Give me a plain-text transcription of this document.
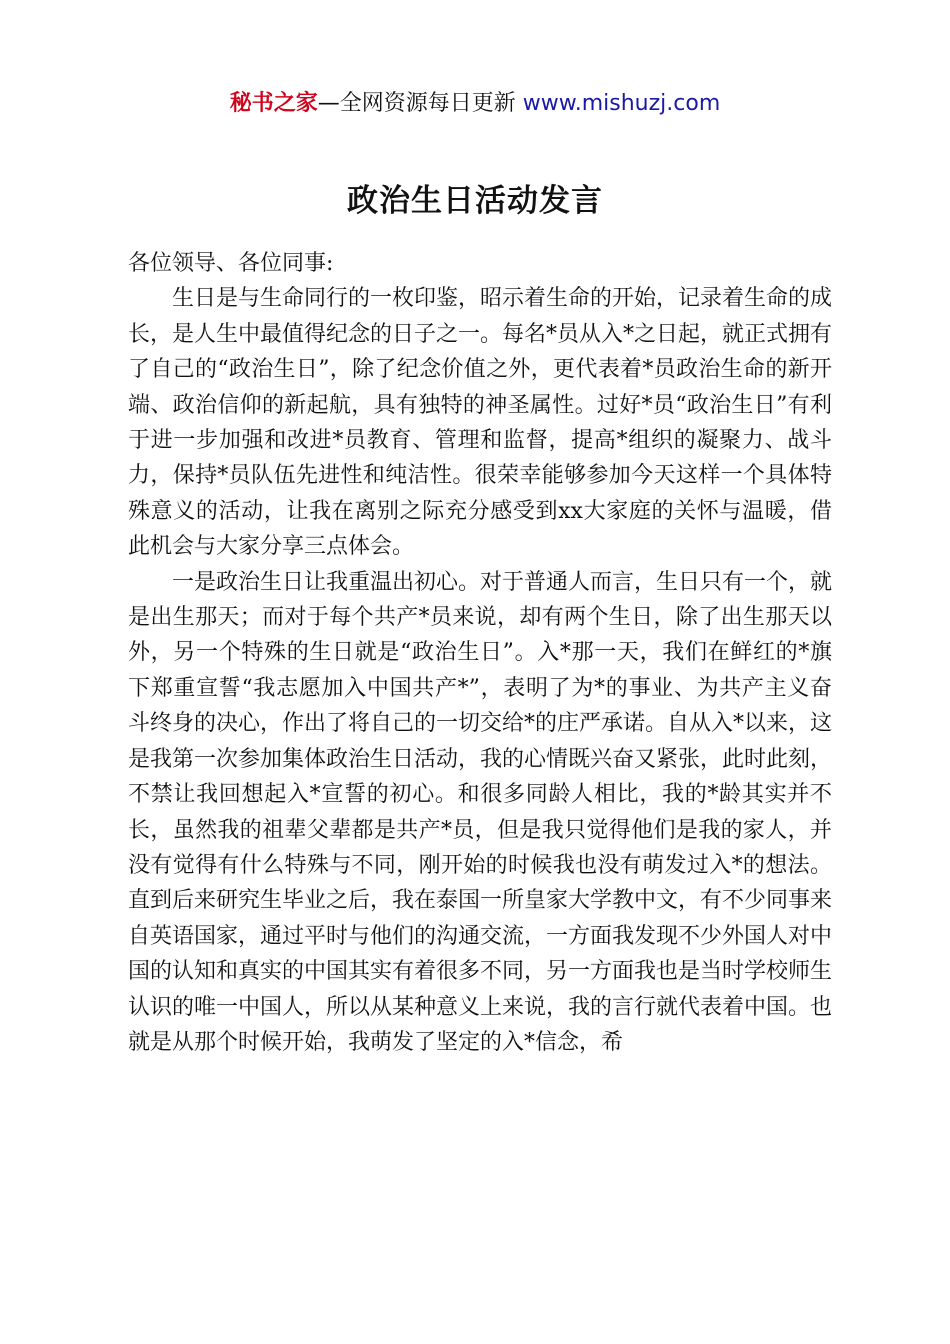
秘书之家—全网资源每日更新 www.mishuzj.com
政治生日活动发言

各位领导、各位同事:

生日是与生命同行的一枚印鉴，昭示着生命的开始，记录着生命的成长，是人生中最值得纪念的日子之一。每名*员从入*之日起，就正式拥有了自己的“政治生日”，除了纪念价值之外，更代表着*员政治生命的新开端、政治信仰的新起航，具有独特的神圣属性。过好*员“政治生日”有利于进一步加强和改进*员教育、管理和监督，提高*组织的凝聚力、战斗力，保持*员队伍先进性和纯洁性。很荣幸能够参加今天这样一个具体特殊意义的活动，让我在离别之际充分感受到xx大家庭的关怀与温暖，借此机会与大家分享三点体会。

一是政治生日让我重温出初心。对于普通人而言，生日只有一个，就是出生那天；而对于每个共产*员来说，却有两个生日，除了出生那天以外，另一个特殊的生日就是“政治生日”。入*那一天，我们在鲜红的*旗下郑重宣誓“我志愿加入中国共产*”，表明了为*的事业、为共产主义奋斗终身的决心，作出了将自己的一切交给*的庄严承诺。自从入*以来，这是我第一次参加集体政治生日活动，我的心情既兴奋又紧张，此时此刻，不禁让我回想起入*宣誓的初心。和很多同龄人相比，我的*龄其实并不长，虽然我的祖辈父辈都是共产*员，但是我只觉得他们是我的家人，并没有觉得有什么特殊与不同，刚开始的时候我也没有萌发过入*的想法。直到后来研究生毕业之后，我在泰国一所皇家大学教中文，有不少同事来自英语国家，通过平时与他们的沟通交流，一方面我发现不少外国人对中国的认知和真实的中国其实有着很多不同，另一方面我也是当时学校师生认识的唯一中国人，所以从某种意义上来说，我的言行就代表着中国。也就是从那个时候开始，我萌发了坚定的入*信念，希
